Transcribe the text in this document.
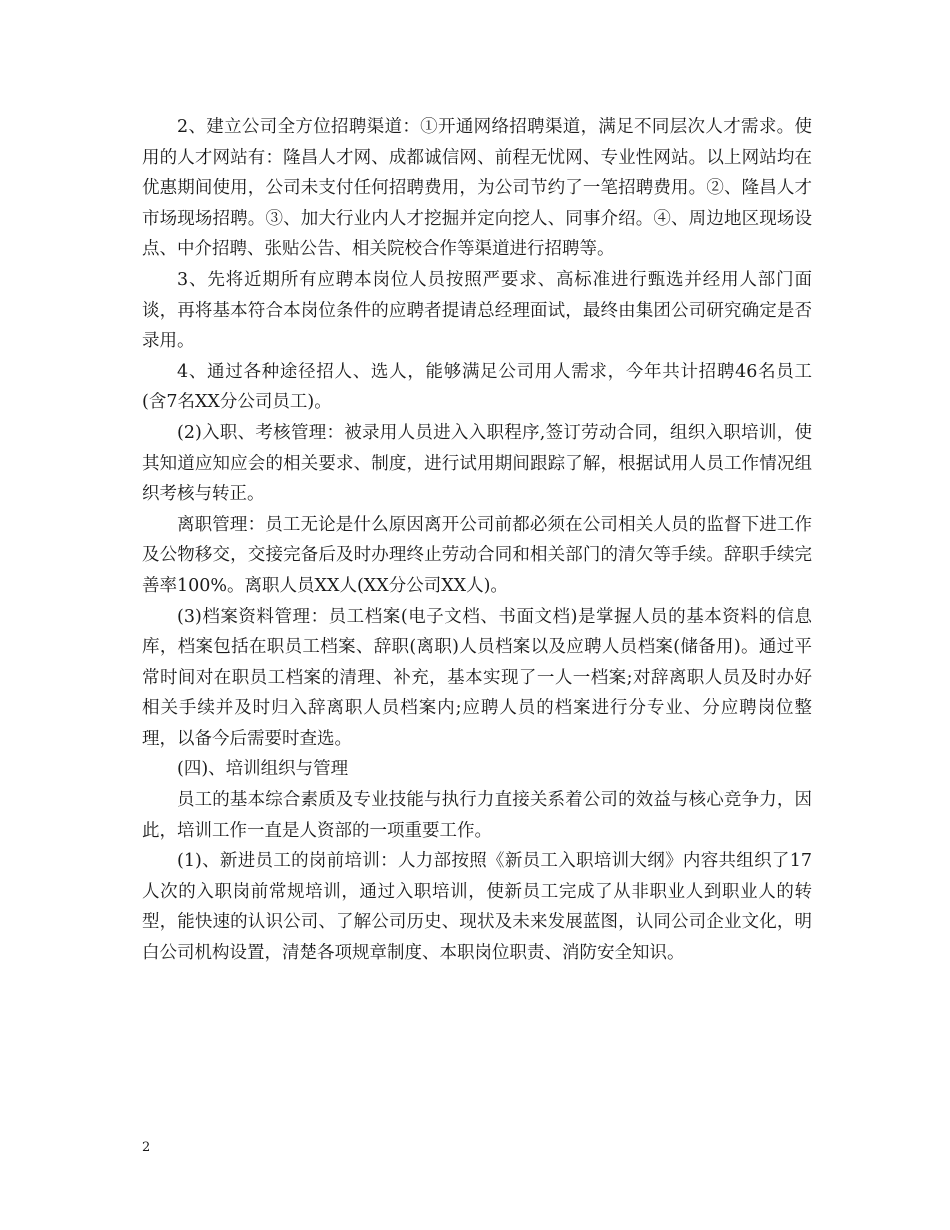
2、建立公司全方位招聘渠道：①开通网络招聘渠道，满足不同层次人才需求。使用的人才网站有：隆昌人才网、成都诚信网、前程无忧网、专业性网站。以上网站均在优惠期间使用，公司未支付任何招聘费用，为公司节约了一笔招聘费用。②、隆昌人才市场现场招聘。③、加大行业内人才挖掘并定向挖人、同事介绍。④、周边地区现场设点、中介招聘、张贴公告、相关院校合作等渠道进行招聘等。

3、先将近期所有应聘本岗位人员按照严要求、高标准进行甄选并经用人部门面谈，再将基本符合本岗位条件的应聘者提请总经理面试，最终由集团公司研究确定是否录用。

4、通过各种途径招人、选人，能够满足公司用人需求，今年共计招聘46名员工(含7名XX分公司员工)。

(2)入职、考核管理：被录用人员进入入职程序,签订劳动合同，组织入职培训，使其知道应知应会的相关要求、制度，进行试用期间跟踪了解，根据试用人员工作情况组织考核与转正。

离职管理：员工无论是什么原因离开公司前都必须在公司相关人员的监督下进工作及公物移交，交接完备后及时办理终止劳动合同和相关部门的清欠等手续。辞职手续完善率100%。离职人员XX人(XX分公司XX人)。

(3)档案资料管理：员工档案(电子文档、书面文档)是掌握人员的基本资料的信息库，档案包括在职员工档案、辞职(离职)人员档案以及应聘人员档案(储备用)。通过平常时间对在职员工档案的清理、补充，基本实现了一人一档案;对辞离职人员及时办好相关手续并及时归入辞离职人员档案内;应聘人员的档案进行分专业、分应聘岗位整理，以备今后需要时查选。

(四)、培训组织与管理

员工的基本综合素质及专业技能与执行力直接关系着公司的效益与核心竞争力，因此，培训工作一直是人资部的一项重要工作。

(1)、新进员工的岗前培训：人力部按照《新员工入职培训大纲》内容共组织了17人次的入职岗前常规培训，通过入职培训，使新员工完成了从非职业人到职业人的转型，能快速的认识公司、了解公司历史、现状及未来发展蓝图，认同公司企业文化，明白公司机构设置，清楚各项规章制度、本职岗位职责、消防安全知识。

2
